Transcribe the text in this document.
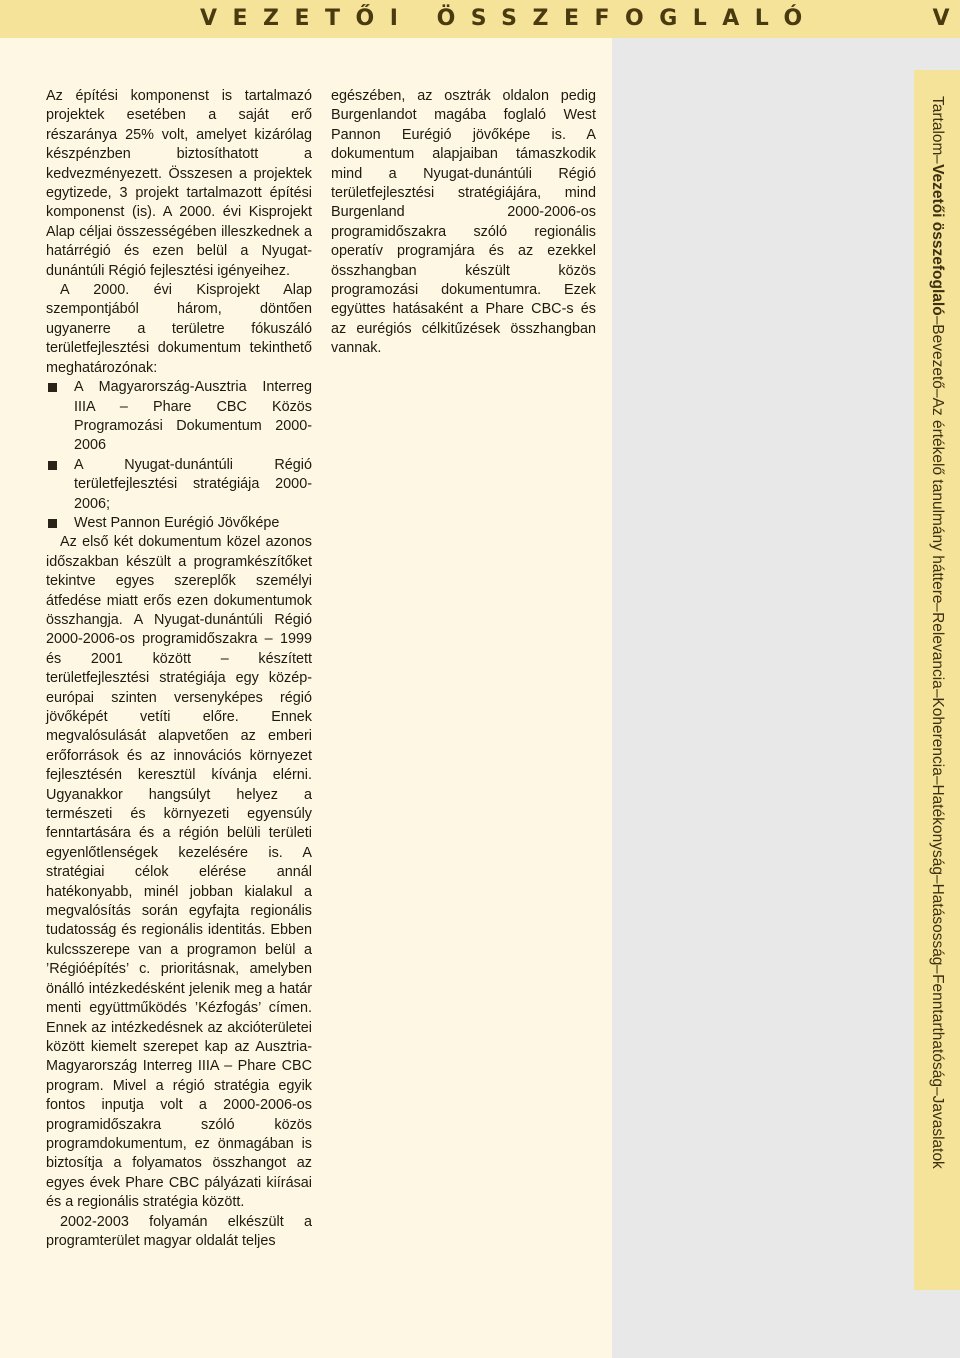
VEZETŐI ÖSSZEFOGLALÓ	V
Tartalom–Vezetői összefoglaló–Bevezető–Az értékelő tanulmány háttere–Relevancia–Koherencia–Hatékonyság–Hatásosság–Fenntarthatóság–Javaslatok

Az építési komponenst is tartalmazó projektek esetében a saját erő részaránya 25% volt, amelyet kizárólag készpénzben biztosíthatott a kedvezményezett. Összesen a projektek egytizede, 3 projekt tartalmazott építési komponenst (is). A 2000. évi Kisprojekt Alap céljai összességében illeszkednek a határrégió és ezen belül a Nyugat-dunántúli Régió fejlesztési igényeihez.

A 2000. évi Kisprojekt Alap szempontjából három, döntően ugyanerre a területre fókuszáló területfejlesztési dokumentum tekinthető meghatározónak:

A Magyarország-Ausztria Interreg IIIA – Phare CBC Közös Programozási Dokumentum 2000-2006
A Nyugat-dunántúli Régió területfejlesztési stratégiája 2000-2006;
West Pannon Eurégió Jövőképe

Az első két dokumentum közel azonos időszakban készült a programkészítőket tekintve egyes szereplők személyi átfedése miatt erős ezen dokumentumok összhangja. A Nyugat-dunántúli Régió 2000-2006-os programidőszakra – 1999 és 2001 között – készített területfejlesztési stratégiája egy közép-európai szinten versenyképes régió jövőképét vetíti előre. Ennek megvalósulását alapvetően az emberi erőforrások és az innovációs környezet fejlesztésén keresztül kívánja elérni. Ugyanakkor hangsúlyt helyez a természeti és környezeti egyensúly fenntartására és a régión belüli területi egyenlőtlenségek kezelésére is. A stratégiai célok elérése annál hatékonyabb, minél jobban kialakul a megvalósítás során egyfajta regionális tudatosság és regionális identitás. Ebben kulcsszerepe van a programon belül a ’Régióépítés’ c. prioritásnak, amelyben önálló intézkedésként jelenik meg a határ menti együttműködés ’Kézfogás’ címen. Ennek az intézkedésnek az akcióterületei között kiemelt szerepet kap az Ausztria-Magyarország Interreg IIIA – Phare CBC program. Mivel a régió stratégia egyik fontos inputja volt a 2000-2006-os programidőszakra szóló közös programdokumentum, ez önmagában is biztosítja a folyamatos összhangot az egyes évek Phare CBC pályázati kiírásai és a regionális stratégia között.

2002-2003 folyamán elkészült a programterület magyar oldalát teljes

egészében, az osztrák oldalon pedig Burgenlandot magába foglaló West Pannon Eurégió jövőképe is. A dokumentum alapjaiban támaszkodik mind a Nyugat-dunántúli Régió területfejlesztési stratégiájára, mind Burgenland 2000-2006-os programidőszakra szóló regionális operatív programjára és az ezekkel összhangban készült közös programozási dokumentumra. Ezek együttes hatásaként a Phare CBC-s és az eurégiós célkitűzések összhangban vannak.
